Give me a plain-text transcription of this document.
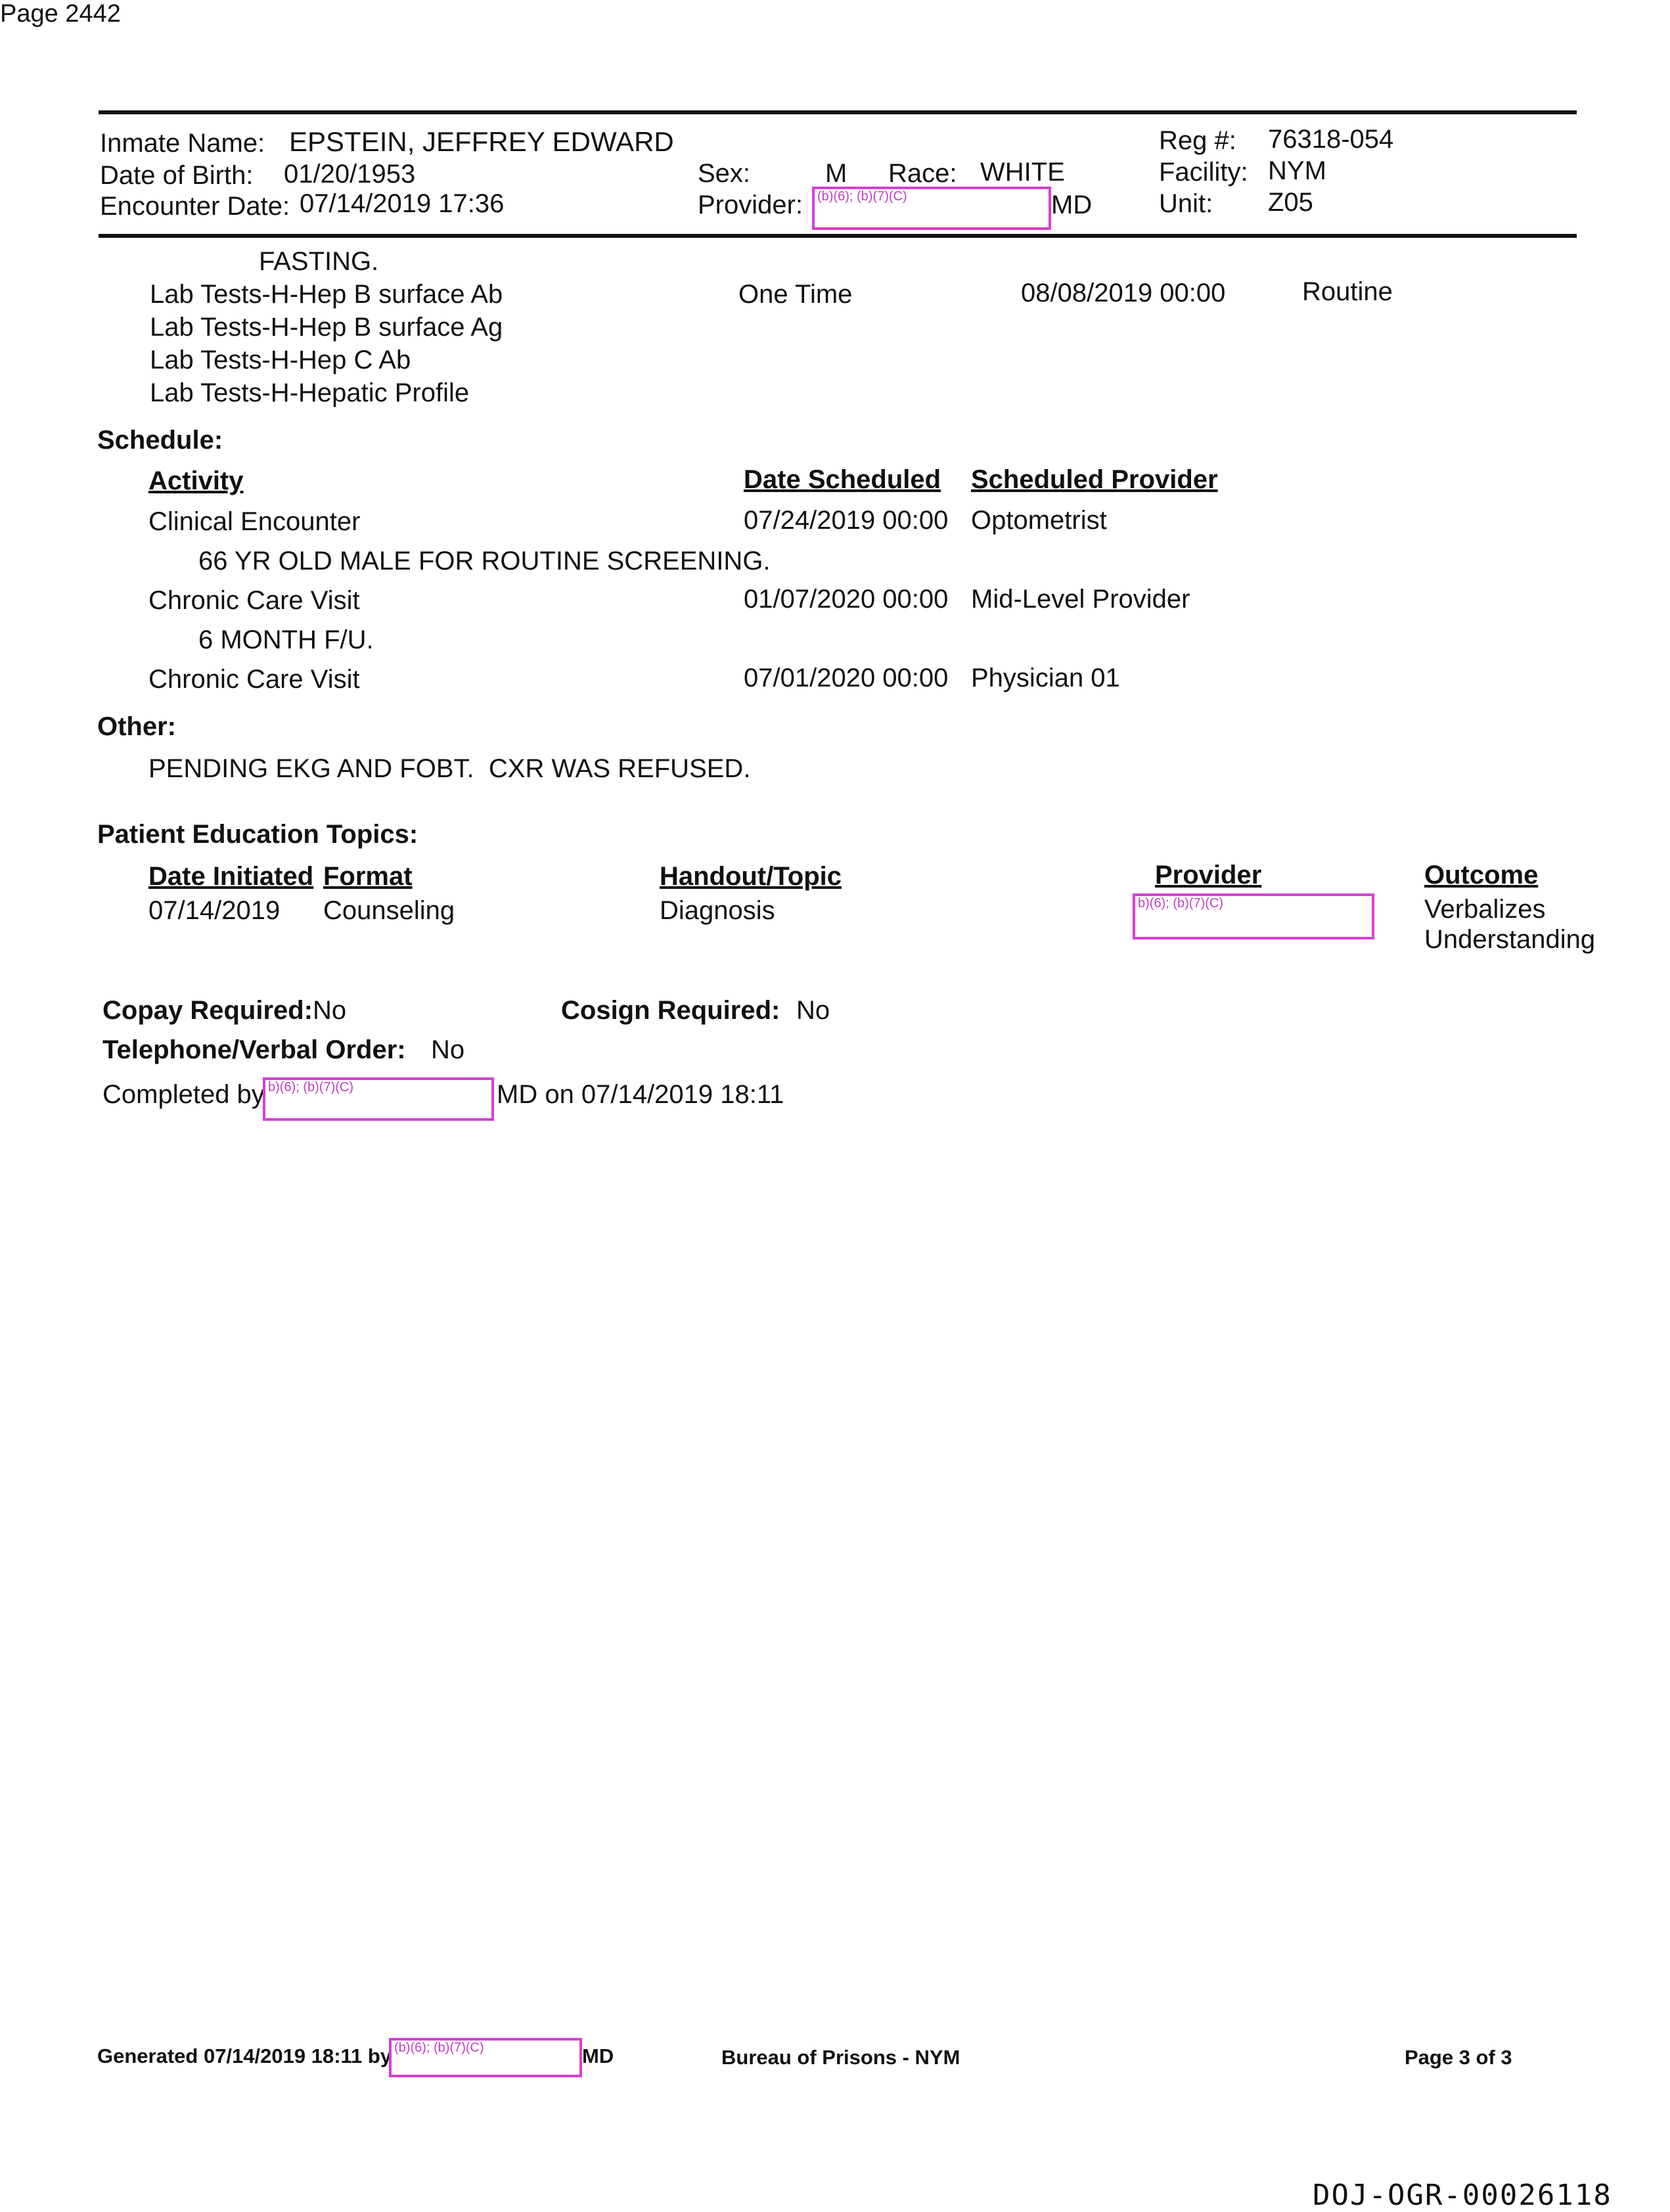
Page 2442
Inmate Name: EPSTEIN, JEFFREY EDWARD
Date of Birth: 01/20/1953
Encounter Date: 07/14/2019 17:36
Sex:	M Race: WHITE
Provider:	(b)(6); (b)(7)(C)	MD
Reg #: 76318-054
Facility: NYM
Unit: Z05
FASTING.
Lab Tests-H-Hep B surface Ab
Lab Tests-H-Hep B surface Ag
Lab Tests-H-Hep C Ab
Lab Tests-H-Hepatic Profile
One Time	08/08/2019 00:00	Routine
Schedule:
Activity	Date Scheduled Scheduled Provider
Clinical Encounter	07/24/2019 00:00 Optometrist
66 YR OLD MALE FOR ROUTINE SCREENING.
Chronic Care Visit	01/07/2020 00:00 Mid-Level Provider
6 MONTH F/U.
Chronic Care Visit	07/01/2020 00:00 Physician 01
Other:
PENDING EKG AND FOBT.  CXR WAS REFUSED.
Patient Education Topics:
Date Initiated Format	Handout/Topic	Provider	Outcome
07/14/2019 Counseling	Diagnosis	b)(6); (b)(7)(C)	Verbalizes
Understanding
Copay Required: No	Cosign Required: No
Telephone/Verbal Order: No
Completed by b)(6); (b)(7)(C)	MD on 07/14/2019 18:11
Generated 07/14/2019 18:11 by (b)(6); (b)(7)(C)	MD	Bureau of Prisons - NYM	Page 3 of 3
DOJ-OGR-00026118
